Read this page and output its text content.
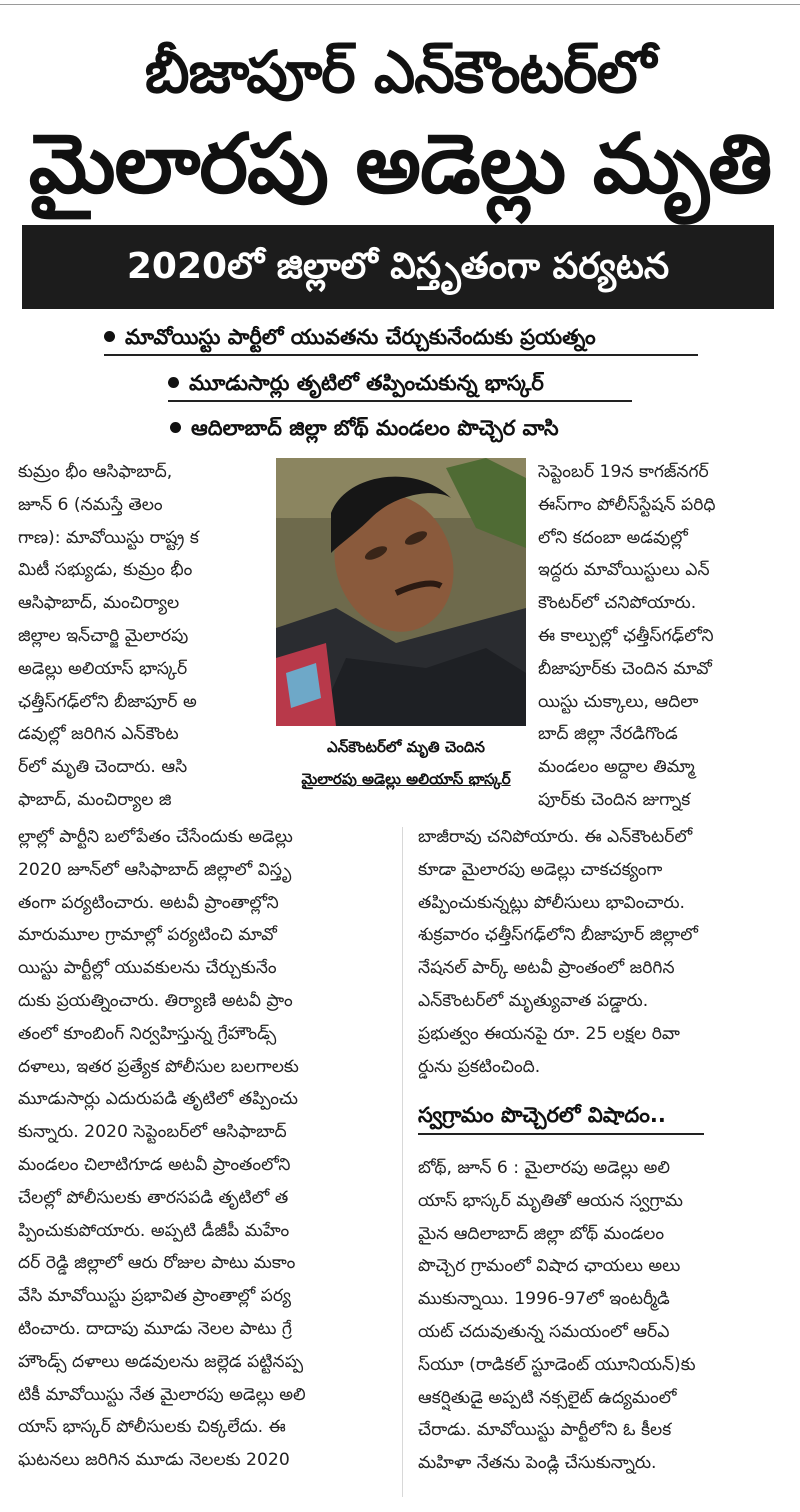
బీజాపూర్ ఎన్‌కౌంటర్‌లో
మైలారపు అడెల్లు మృతి
2020లో జిల్లాలో విస్తృతంగా పర్యటన
మావోయిస్టు పార్టీలో యువతను చేర్చుకునేందుకు ప్రయత్నం
మూడుసార్లు తృటిలో తప్పించుకున్న భాస్కర్
ఆదిలాబాద్ జిల్లా బోథ్ మండలం పొచ్చెర వాసి
ఎన్‌కౌంటర్‌లో మృతి చెందిన
మైలారపు అడెల్లు అలియాస్ భాస్కర్
కుమ్రం భీం ఆసిఫాబాద్,
జూన్ 6 (నమస్తే తెలం
గాణ): మావోయిస్టు రాష్ట్ర క
మిటీ సభ్యుడు, కుమ్రం భీం
ఆసిఫాబాద్, మంచిర్యాల
జిల్లాల ఇన్‌చార్జి మైలారపు
అడెల్లు అలియాస్ భాస్కర్
ఛత్తీస్‌గఢ్‌లోని బీజాపూర్ అ
డవుల్లో జరిగిన ఎన్‌కౌంట
ర్‌లో మృతి చెందారు. ఆసి
ఫాబాద్, మంచిర్యాల జి
ల్లాల్లో పార్టీని బలోపేతం చేసేందుకు అడెల్లు
2020 జూన్‌లో ఆసిఫాబాద్ జిల్లాలో విస్తృ
తంగా పర్యటించారు. అటవీ ప్రాంతాల్లోని
మారుమూల గ్రామాల్లో పర్యటించి మావో
యిస్టు పార్టీల్లో యువకులను చేర్చుకునేం
దుకు ప్రయత్నించారు. తిర్యాణి అటవీ ప్రాం
తంలో కూంబింగ్ నిర్వహిస్తున్న గ్రేహౌండ్స్
దళాలు, ఇతర ప్రత్యేక పోలీసుల బలగాలకు
మూడుసార్లు ఎదురుపడి తృటిలో తప్పించు
కున్నారు. 2020 సెప్టెంబర్‌లో ఆసిఫాబాద్
మండలం చిలాటిగూడ అటవీ ప్రాంతంలోని
చేలల్లో పోలీసులకు తారసపడి తృటిలో త
ప్పించుకుపోయారు. అప్పటి డీజీపీ మహేం
దర్ రెడ్డి జిల్లాలో ఆరు రోజుల పాటు మకాం
వేసి మావోయిస్టు ప్రభావిత ప్రాంతాల్లో పర్య
టించారు. దాదాపు మూడు నెలల పాటు గ్రే
హౌండ్స్ దళాలు అడవులను జల్లెడ పట్టినప్ప
టికీ మావోయిస్టు నేత మైలారపు అడెల్లు అలి
యాస్ భాస్కర్ పోలీసులకు చిక్కలేదు. ఈ
ఘటనలు జరిగిన మూడు నెలలకు 2020
సెప్టెంబర్ 19న కాగజ్‌నగర్
ఈస్‌గాం పోలీస్‌స్టేషన్ పరిధి
లోని కదంబా అడవుల్లో
ఇద్దరు మావోయిస్టులు ఎన్
కౌంటర్‌లో చనిపోయారు.
ఈ కాల్పుల్లో ఛత్తీస్‌గఢ్‌లోని
బీజాపూర్‌కు చెందిన మావో
యిస్టు చుక్కాలు, ఆదిలా
బాద్ జిల్లా నేరడిగొండ
మండలం అద్దాల తిమ్మా
పూర్‌కు చెందిన జుగ్నాక
బాజీరావు చనిపోయారు. ఈ ఎన్‌కౌంటర్‌లో
కూడా మైలారపు అడెల్లు చాకచక్యంగా
తప్పించుకున్నట్లు పోలీసులు భావించారు.
శుక్రవారం ఛత్తీస్‌గఢ్‌లోని బీజాపూర్ జిల్లాలో
నేషనల్ పార్క్ అటవీ ప్రాంతంలో జరిగిన
ఎన్‌కౌంటర్‌లో మృత్యువాత పడ్డారు.
ప్రభుత్వం ఈయనపై రూ. 25 లక్షల రివా
ర్డును ప్రకటించింది.
స్వగ్రామం పొచ్చెరలో విషాదం..
బోథ్, జూన్ 6 : మైలారపు అడెల్లు అలి
యాస్ భాస్కర్ మృతితో ఆయన స్వగ్రామ
మైన ఆదిలాబాద్ జిల్లా బోథ్ మండలం
పొచ్చెర గ్రామంలో విషాద ఛాయలు అలు
ముకున్నాయి. 1996-97లో ఇంటర్మీడి
యట్ చదువుతున్న సమయంలో ఆర్‌ఎ
స్‌యూ (రాడికల్ స్టూడెంట్ యూనియన్)కు
ఆకర్షితుడై అప్పటి నక్సలైట్ ఉద్యమంలో
చేరాడు. మావోయిస్టు పార్టీలోని ఓ కీలక
మహిళా నేతను పెండ్లి చేసుకున్నారు.
